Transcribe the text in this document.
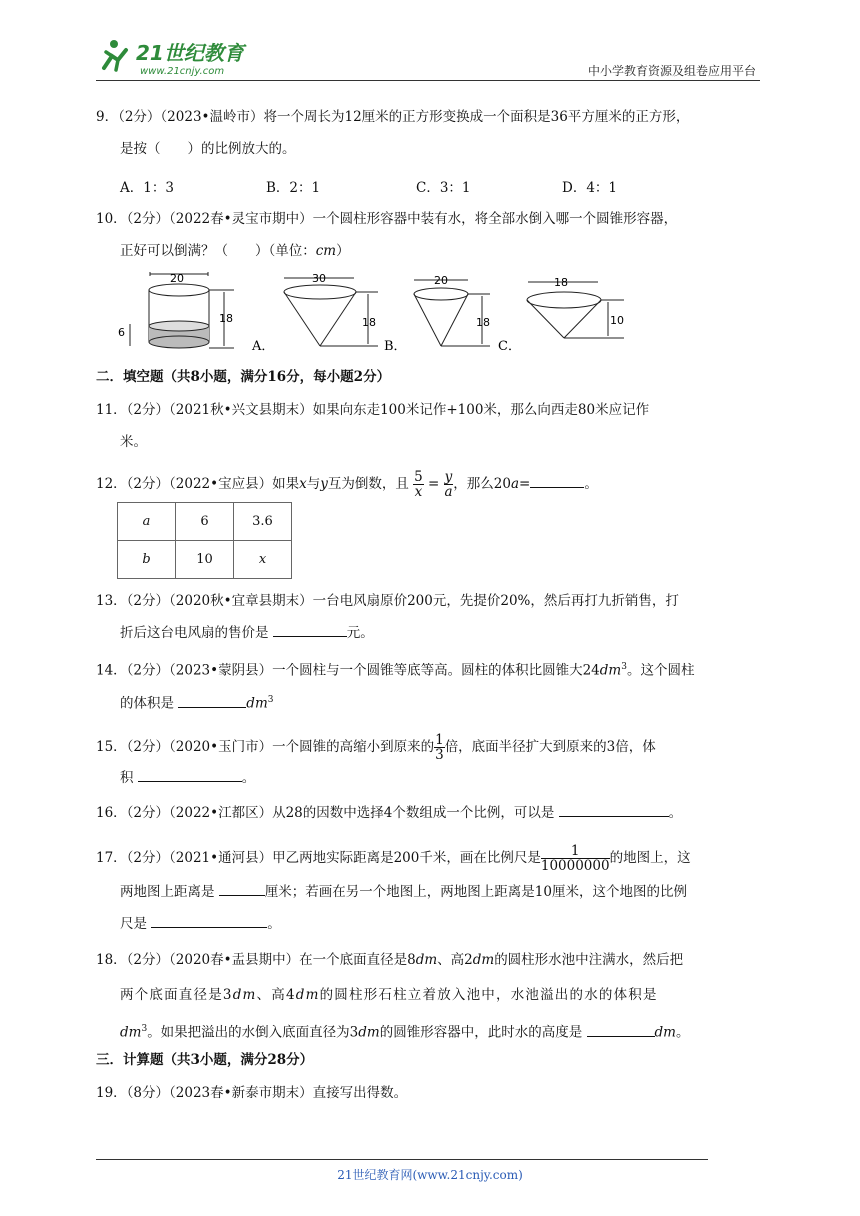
21世纪教育
www.21cnjy.com	中小学教育资源及组卷应用平台
9．（2分）（2023•温岭市）将一个周长为12厘米的正方形变换成一个面积是36平方厘米的正方形，
是按（　　）的比例放大的。
A．1：3	B．2：1	C．3：1	D．4：1
10．（2分）（2022春•灵宝市期中）一个圆柱形容器中装有水，将全部水倒入哪一个圆锥形容器，
正好可以倒满？（　　）（单位：cm）
20
18
6
A．
30
18
B．
20
18
C．
18
10
二．填空题（共8小题，满分16分，每小题2分）
11．（2分）（2021秋•兴文县期末）如果向东走100米记作+100米，那么向西走80米应记作
米。
12．（2分）（2022•宝应县）如果x与y互为倒数，且 $\frac{5}{x} = \frac{y}{a}$ ，那么20a=	。
a	6	3.6
b	10	x
13．（2分）（2020秋•宜章县期末）一台电风扇原价200元，先提价20%，然后再打九折销售，打
折后这台电风扇的售价是	元。
14．（2分）（2023•蒙阴县）一个圆柱与一个圆锥等底等高。圆柱的体积比圆锥大$24dm^3$。这个圆柱
的体积是	$dm^3$
15．（2分）（2020•玉门市）一个圆锥的高缩小到原来的 $\frac{1}{3}$ 倍，底面半径扩大到原来的3倍，体
积	。
16．（2分）（2022•江都区）从28的因数中选择4个数组成一个比例，可以是	。
17．（2分）（2021•通河县）甲乙两地实际距离是200千米，画在比例尺是 $\frac{1}{10000000}$ 的地图上，这
两地图上距离是	厘米；若画在另一个地图上，两地图上距离是10厘米，这个地图的比例
尺是	。
18．（2分）（2020春•盂县期中）在一个底面直径是8dm、高2dm的圆柱形水池中注满水，然后把
两个底面直径是3dm、高4dm的圆柱形石柱立着放入池中，水池溢出的水的体积是
$dm^3$。如果把溢出的水倒入底面直径为3dm的圆锥形容器中，此时水的高度是	dm。
三．计算题（共3小题，满分28分）
19．（8分）（2023春•新泰市期末）直接写出得数。
21世纪教育网(www.21cnjy.com)
